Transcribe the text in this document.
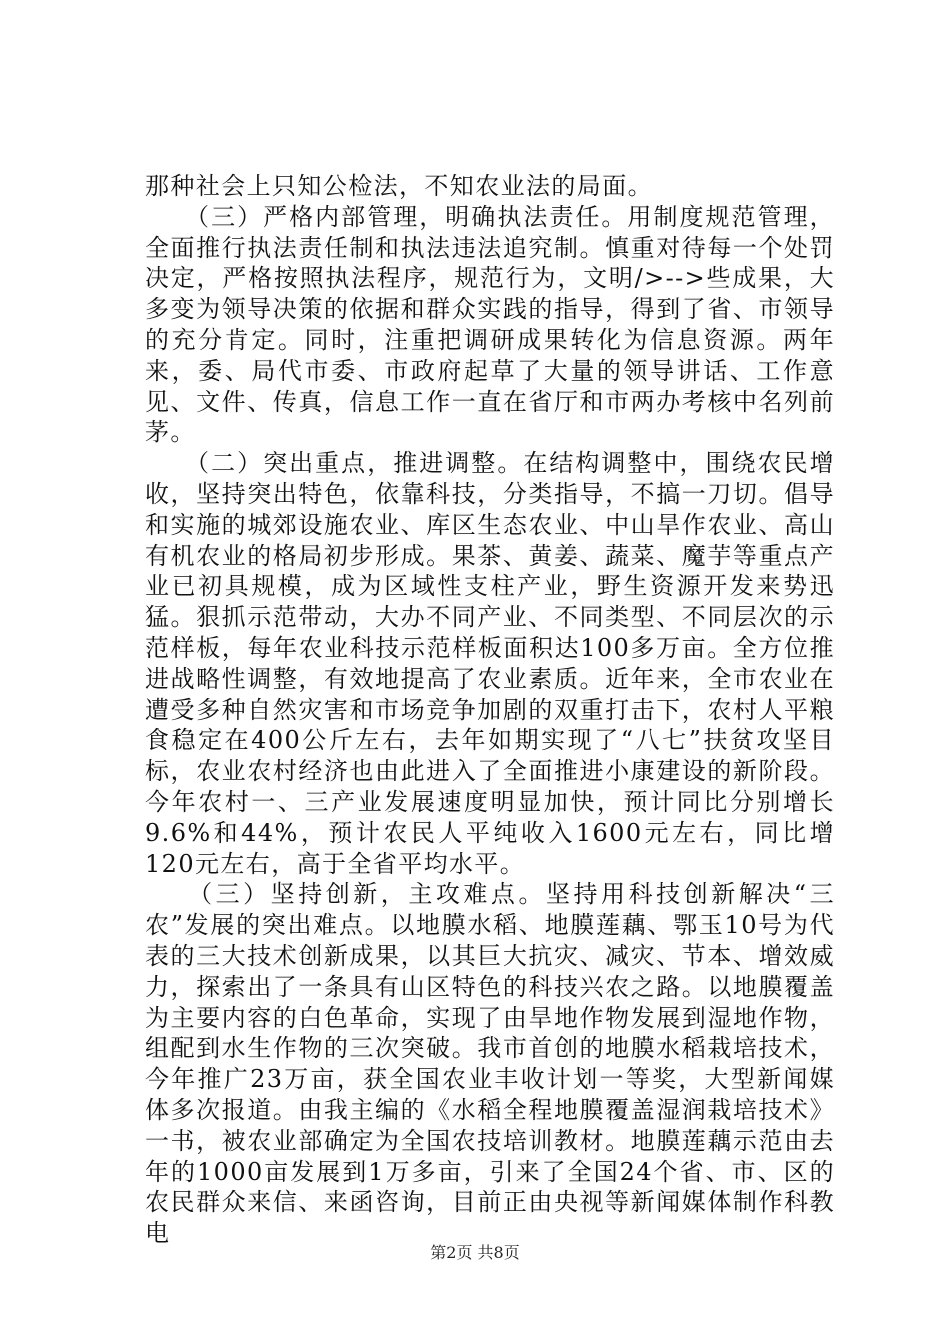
那种社会上只知公检法，不知农业法的局面。

　　（三）严格内部管理，明确执法责任。用制度规范管理，全面推行执法责任制和执法违法追究制。慎重对待每一个处罚决定，严格按照执法程序，规范行为，文明/>-->些成果，大多变为领导决策的依据和群众实践的指导，得到了省、市领导的充分肯定。同时，注重把调研成果转化为信息资源。两年来，委、局代市委、市政府起草了大量的领导讲话、工作意见、文件、传真，信息工作一直在省厅和市两办考核中名列前茅。

　　（二）突出重点，推进调整。在结构调整中，围绕农民增收，坚持突出特色，依靠科技，分类指导，不搞一刀切。倡导和实施的城郊设施农业、库区生态农业、中山旱作农业、高山有机农业的格局初步形成。果茶、黄姜、蔬菜、魔芋等重点产业已初具规模，成为区域性支柱产业，野生资源开发来势迅猛。狠抓示范带动，大办不同产业、不同类型、不同层次的示范样板，每年农业科技示范样板面积达100多万亩。全方位推进战略性调整，有效地提高了农业素质。近年来，全市农业在遭受多种自然灾害和市场竞争加剧的双重打击下，农村人平粮食稳定在400公斤左右，去年如期实现了“八七”扶贫攻坚目标，农业农村经济也由此进入了全面推进小康建设的新阶段。今年农村一、三产业发展速度明显加快，预计同比分别增长9.6%和44%，预计农民人平纯收入1600元左右，同比增120元左右，高于全省平均水平。

　　（三）坚持创新，主攻难点。坚持用科技创新解决“三农”发展的突出难点。以地膜水稻、地膜莲藕、鄂玉10号为代表的三大技术创新成果，以其巨大抗灾、减灾、节本、增效威力，探索出了一条具有山区特色的科技兴农之路。以地膜覆盖为主要内容的白色革命，实现了由旱地作物发展到湿地作物，组配到水生作物的三次突破。我市首创的地膜水稻栽培技术，今年推广23万亩，获全国农业丰收计划一等奖，大型新闻媒体多次报道。由我主编的《水稻全程地膜覆盖湿润栽培技术》一书，被农业部确定为全国农技培训教材。地膜莲藕示范由去年的1000亩发展到1万多亩，引来了全国24个省、市、区的农民群众来信、来函咨询，目前正由央视等新闻媒体制作科教电

第2页 共8页
